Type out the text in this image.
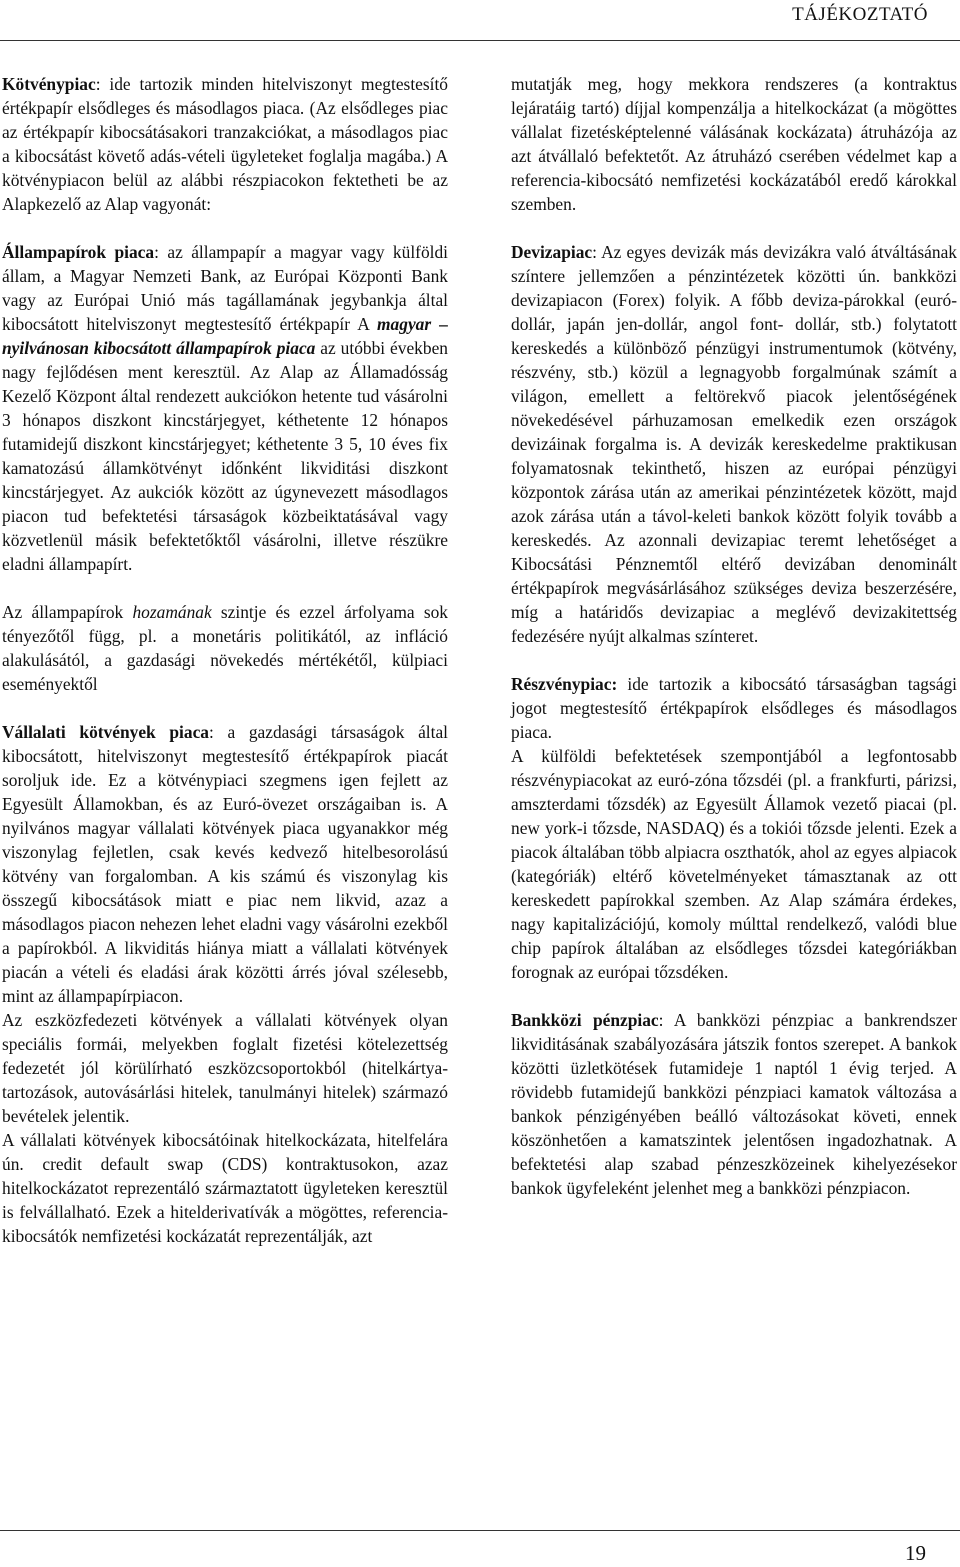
TÁJÉKOZTATÓ

Kötvénypiac: ide tartozik minden hitelviszonyt megtestesítő értékpapír elsődleges és másodlagos piaca. (Az elsődleges piac az értékpapír kibocsátásakori tranzakciókat, a másodlagos piac a kibocsátást követő adás-vételi ügyleteket foglalja magába.) A kötvénypiacon belül az alábbi részpiacokon fektetheti be az Alapkezelő az Alap vagyonát:

Állampapírok piaca: az állampapír a magyar vagy külföldi állam, a Magyar Nemzeti Bank, az Európai Központi Bank vagy az Európai Unió más tagállamának jegybankja által kibocsátott hitelviszonyt megtestesítő értékpapír A magyar – nyilvánosan kibocsátott állampapírok piaca az utóbbi években nagy fejlődésen ment keresztül. Az Alap az Államadósság Kezelő Központ által rendezett aukciókon hetente tud vásárolni 3 hónapos diszkont kincstárjegyet, kéthetente 12 hónapos futamidejű diszkont kincstárjegyet; kéthetente 3 5, 10 éves fix kamatozású államkötvényt időnként likviditási diszkont kincstárjegyet. Az aukciók között az úgynevezett másodlagos piacon tud befektetési társaságok közbeiktatásával vagy közvetlenül másik befektetőktől vásárolni, illetve részükre eladni állampapírt.

Az állampapírok hozamának szintje és ezzel árfolyama sok tényezőtől függ, pl. a monetáris politikától, az infláció alakulásától, a gazdasági növekedés mértékétől, külpiaci eseményektől

Vállalati kötvények piaca: a gazdasági társaságok által kibocsátott, hitelviszonyt megtestesítő értékpapírok piacát soroljuk ide. Ez a kötvénypiaci szegmens igen fejlett az Egyesült Államokban, és az Euró-övezet országaiban is. A nyilvános magyar vállalati kötvények piaca ugyanakkor még viszonylag fejletlen, csak kevés kedvező hitelbesorolású kötvény van forgalomban. A kis számú és viszonylag kis összegű kibocsátások miatt e piac nem likvid, azaz a másodlagos piacon nehezen lehet eladni vagy vásárolni ezekből a papírokból. A likviditás hiánya miatt a vállalati kötvények piacán a vételi és eladási árak közötti árrés jóval szélesebb, mint az állampapírpiacon.

Az eszközfedezeti kötvények a vállalati kötvények olyan speciális formái, melyekben foglalt fizetési kötelezettség fedezetét jól körülírható eszközcsoportokból (hitelkártya-tartozások, autovásárlási hitelek, tanulmányi hitelek) származó bevételek jelentik.

A vállalati kötvények kibocsátóinak hitelkockázata, hitelfelára ún. credit default swap (CDS) kontraktusokon, azaz hitelkockázatot reprezentáló származtatott ügyleteken keresztül is felvállalható. Ezek a hitelderivatívák a mögöttes, referencia-kibocsátók nemfizetési kockázatát reprezentálják, azt

mutatják meg, hogy mekkora rendszeres (a kontraktus lejáratáig tartó) díjjal kompenzálja a hitelkockázat (a mögöttes vállalat fizetésképtelenné válásának kockázata) átruházója az azt átvállaló befektetőt. Az átruházó cserében védelmet kap a referencia-kibocsátó nemfizetési kockázatából eredő károkkal szemben.

Devizapiac: Az egyes devizák más devizákra való átváltásának színtere jellemzően a pénzintézetek közötti ún. bankközi devizapiacon (Forex) folyik. A főbb deviza-párokkal (euró-dollár, japán jen-dollár, angol font- dollár, stb.) folytatott kereskedés a különböző pénzügyi instrumentumok (kötvény, részvény, stb.) közül a legnagyobb forgalmúnak számít a világon, emellett a feltörekvő piacok jelentőségének növekedésével párhuzamosan emelkedik ezen országok devizáinak forgalma is. A devizák kereskedelme praktikusan folyamatosnak tekinthető, hiszen az európai pénzügyi központok zárása után az amerikai pénzintézetek között, majd azok zárása után a távol-keleti bankok között folyik tovább a kereskedés. Az azonnali devizapiac teremt lehetőséget a Kibocsátási Pénznemtől eltérő devizában denominált értékpapírok megvásárlásához szükséges deviza beszerzésére, míg a határidős devizapiac a meglévő devizakitettség fedezésére nyújt alkalmas színteret.

Részvénypiac: ide tartozik a kibocsátó társaságban tagsági jogot megtestesítő értékpapírok elsődleges és másodlagos piaca.

A külföldi befektetések szempontjából a legfontosabb részvénypiacokat az euró-zóna tőzsdéi (pl. a frankfurti, párizsi, amszterdami tőzsdék) az Egyesült Államok vezető piacai (pl. new york-i tőzsde, NASDAQ) és a tokiói tőzsde jelenti. Ezek a piacok általában több alpiacra oszthatók, ahol az egyes alpiacok (kategóriák) eltérő követelményeket támasztanak az ott kereskedett papírokkal szemben. Az Alap számára érdekes, nagy kapitalizációjú, komoly múlttal rendelkező, valódi blue chip papírok általában az elsődleges tőzsdei kategóriákban forognak az európai tőzsdéken.

Bankközi pénzpiac: A bankközi pénzpiac a bankrendszer likviditásának szabályozására játszik fontos szerepet. A bankok közötti üzletkötések futamideje 1 naptól 1 évig terjed. A rövidebb futamidejű bankközi pénzpiaci kamatok változása a bankok pénzigényében beálló változásokat követi, ennek köszönhetően a kamatszintek jelentősen ingadozhatnak. A befektetési alap szabad pénzeszközeinek kihelyezésekor bankok ügyfeleként jelenhet meg a bankközi pénzpiacon.

19
